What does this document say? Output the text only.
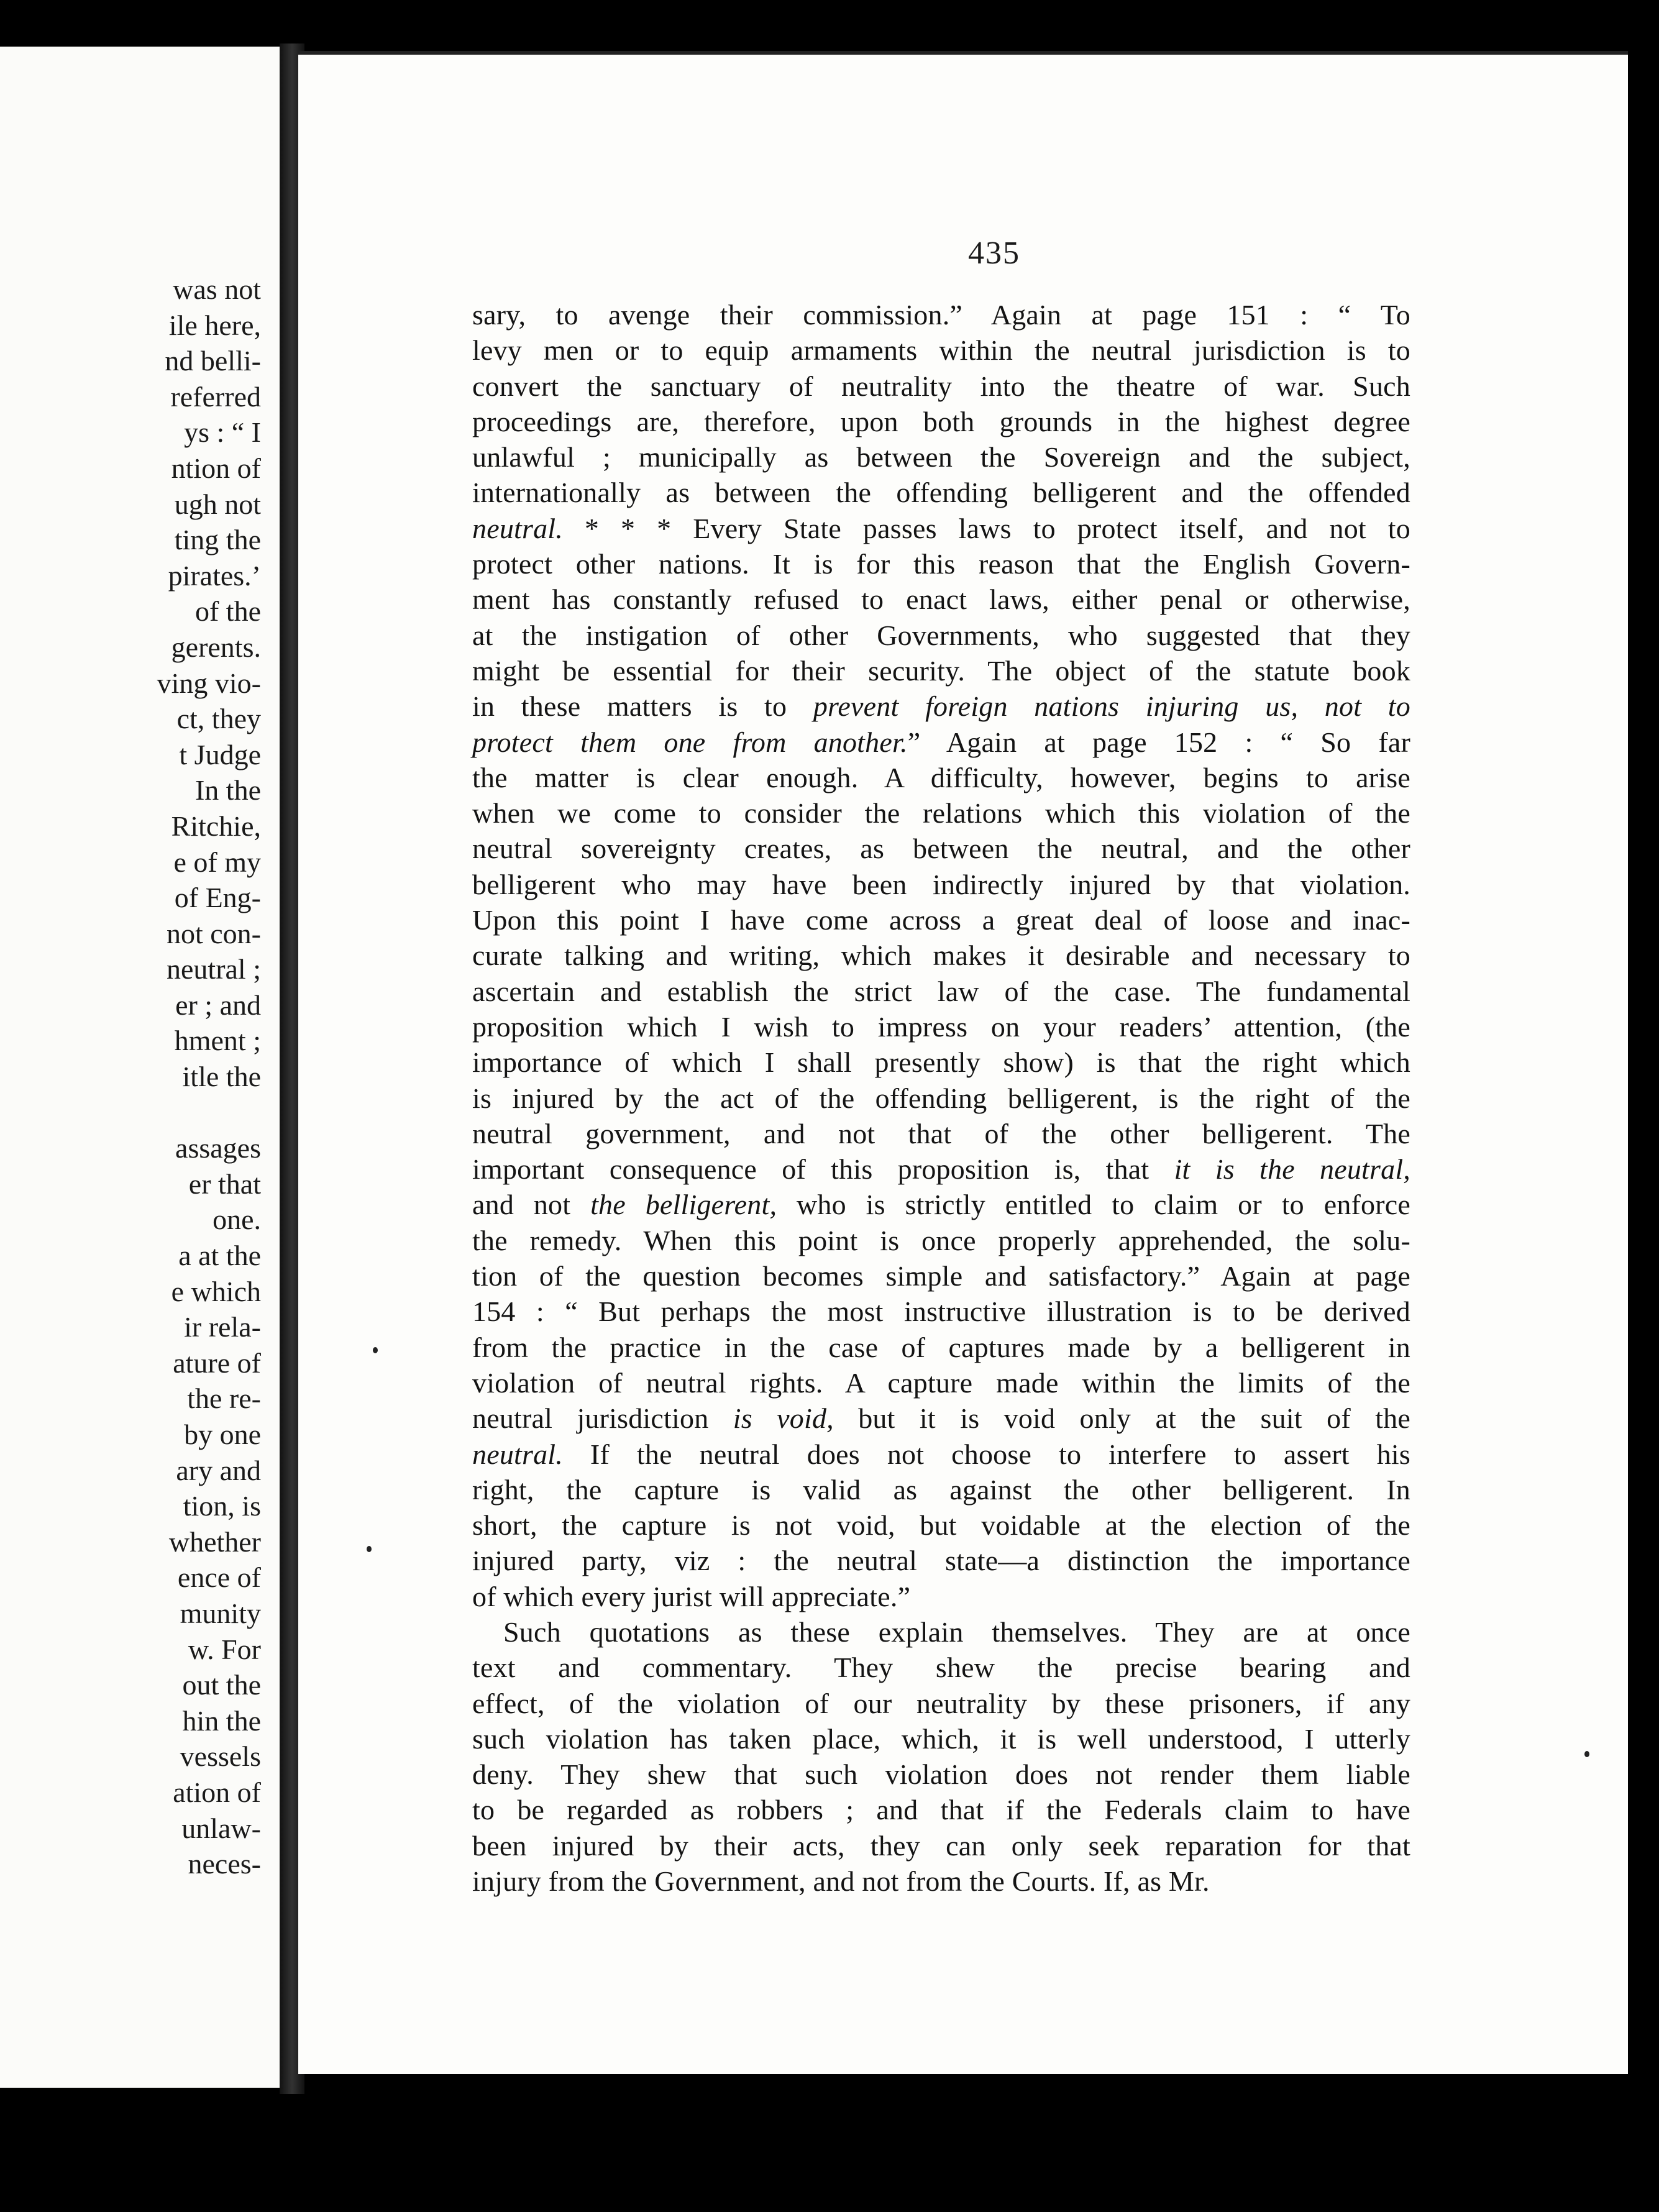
was not
ile here,
nd belli-
referred
ys : “ I
ntion of
ugh not
ting the
pirates.’
of the
gerents.
ving vio-
ct, they
t Judge
In the
Ritchie,
e of my
of Eng-
not con-
neutral ;
er ; and
hment ;
itle the
assages
er that
one.
a at the
e which
ir rela-
ature of
the re-
by one
ary and
tion, is
whether
ence of
munity
w. For
out the
hin the
vessels
ation of
unlaw-
neces-
435
sary, to avenge their commission.” Again at page 151 : “ To
levy men or to equip armaments within the neutral jurisdiction is to
convert the sanctuary of neutrality into the theatre of war. Such
proceedings are, therefore, upon both grounds in the highest degree
unlawful ; municipally as between the Sovereign and the subject,
internationally as between the offending belligerent and the offended
neutral. * * * Every State passes laws to protect itself, and not to
protect other nations. It is for this reason that the English Govern-
ment has constantly refused to enact laws, either penal or otherwise,
at the instigation of other Governments, who suggested that they
might be essential for their security. The object of the statute book
in these matters is to prevent foreign nations injuring us, not to
protect them one from another.” Again at page 152 : “ So far
the matter is clear enough. A difficulty, however, begins to arise
when we come to consider the relations which this violation of the
neutral sovereignty creates, as between the neutral, and the other
belligerent who may have been indirectly injured by that violation.
Upon this point I have come across a great deal of loose and inac-
curate talking and writing, which makes it desirable and necessary to
ascertain and establish the strict law of the case. The fundamental
proposition which I wish to impress on your readers’ attention, (the
importance of which I shall presently show) is that the right which
is injured by the act of the offending belligerent, is the right of the
neutral government, and not that of the other belligerent. The
important consequence of this proposition is, that it is the neutral,
and not the belligerent, who is strictly entitled to claim or to enforce
the remedy. When this point is once properly apprehended, the solu-
tion of the question becomes simple and satisfactory.” Again at page
154 : “ But perhaps the most instructive illustration is to be derived
from the practice in the case of captures made by a belligerent in
violation of neutral rights. A capture made within the limits of the
neutral jurisdiction is void, but it is void only at the suit of the
neutral. If the neutral does not choose to interfere to assert his
right, the capture is valid as against the other belligerent. In
short, the capture is not void, but voidable at the election of the
injured party, viz : the neutral state—a distinction the importance
of which every jurist will appreciate.”
Such quotations as these explain themselves. They are at once
text and commentary. They shew the precise bearing and
effect, of the violation of our neutrality by these prisoners, if any
such violation has taken place, which, it is well understood, I utterly
deny. They shew that such violation does not render them liable
to be regarded as robbers ; and that if the Federals claim to have
been injured by their acts, they can only seek reparation for that
injury from the Government, and not from the Courts. If, as Mr.
